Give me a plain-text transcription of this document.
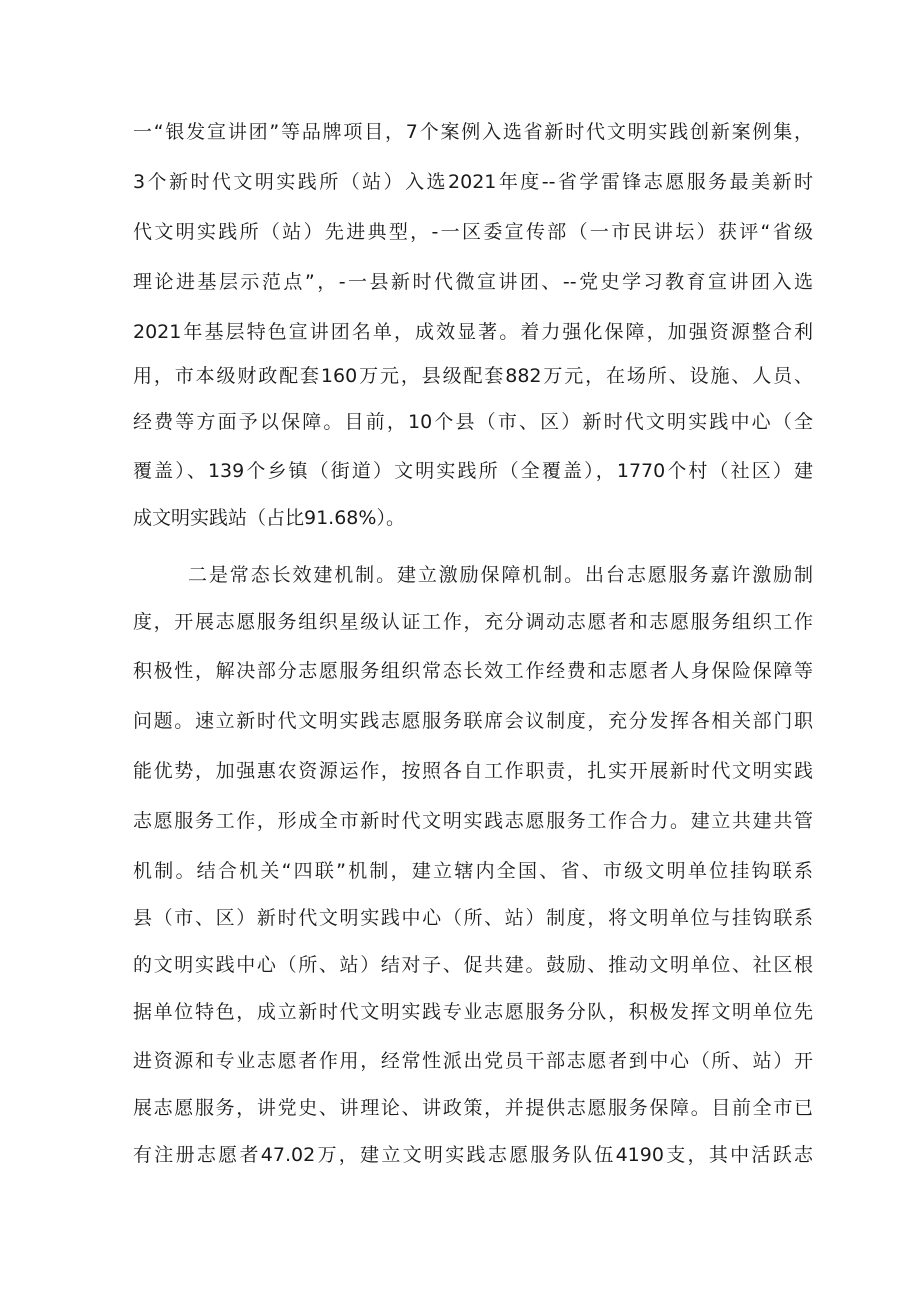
一“银发宣讲团”等品牌项目，7个案例入选省新时代文明实践创新案例集，
3个新时代文明实践所（站）入选2021年度--省学雷锋志愿服务最美新时
代文明实践所（站）先进典型，-一区委宣传部（一市民讲坛）获评“省级
理论进基层示范点”，-一县新时代微宣讲团、--党史学习教育宣讲团入选
2021年基层特色宣讲团名单，成效显著。着力强化保障，加强资源整合利
用，市本级财政配套160万元，县级配套882万元，在场所、设施、人员、
经费等方面予以保障。目前，10个县（市、区）新时代文明实践中心（全
覆盖）、139个乡镇（街道）文明实践所（全覆盖），1770个村（社区）建
成文明实践站（占比91.68%）。
二是常态长效建机制。建立激励保障机制。出台志愿服务嘉许激励制
度，开展志愿服务组织星级认证工作，充分调动志愿者和志愿服务组织工作
积极性，解决部分志愿服务组织常态长效工作经费和志愿者人身保险保障等
问题。速立新时代文明实践志愿服务联席会议制度，充分发挥各相关部门职
能优势，加强惠农资源运作，按照各自工作职责，扎实开展新时代文明实践
志愿服务工作，形成全市新时代文明实践志愿服务工作合力。建立共建共管
机制。结合机关“四联”机制，建立辖内全国、省、市级文明单位挂钩联系
县（市、区）新时代文明实践中心（所、站）制度，将文明单位与挂钩联系
的文明实践中心（所、站）结对子、促共建。鼓励、推动文明单位、社区根
据单位特色，成立新时代文明实践专业志愿服务分队，积极发挥文明单位先
进资源和专业志愿者作用，经常性派出党员干部志愿者到中心（所、站）开
展志愿服务，讲党史、讲理论、讲政策，并提供志愿服务保障。目前全市已
有注册志愿者47.02万，建立文明实践志愿服务队伍4190支，其中活跃志
